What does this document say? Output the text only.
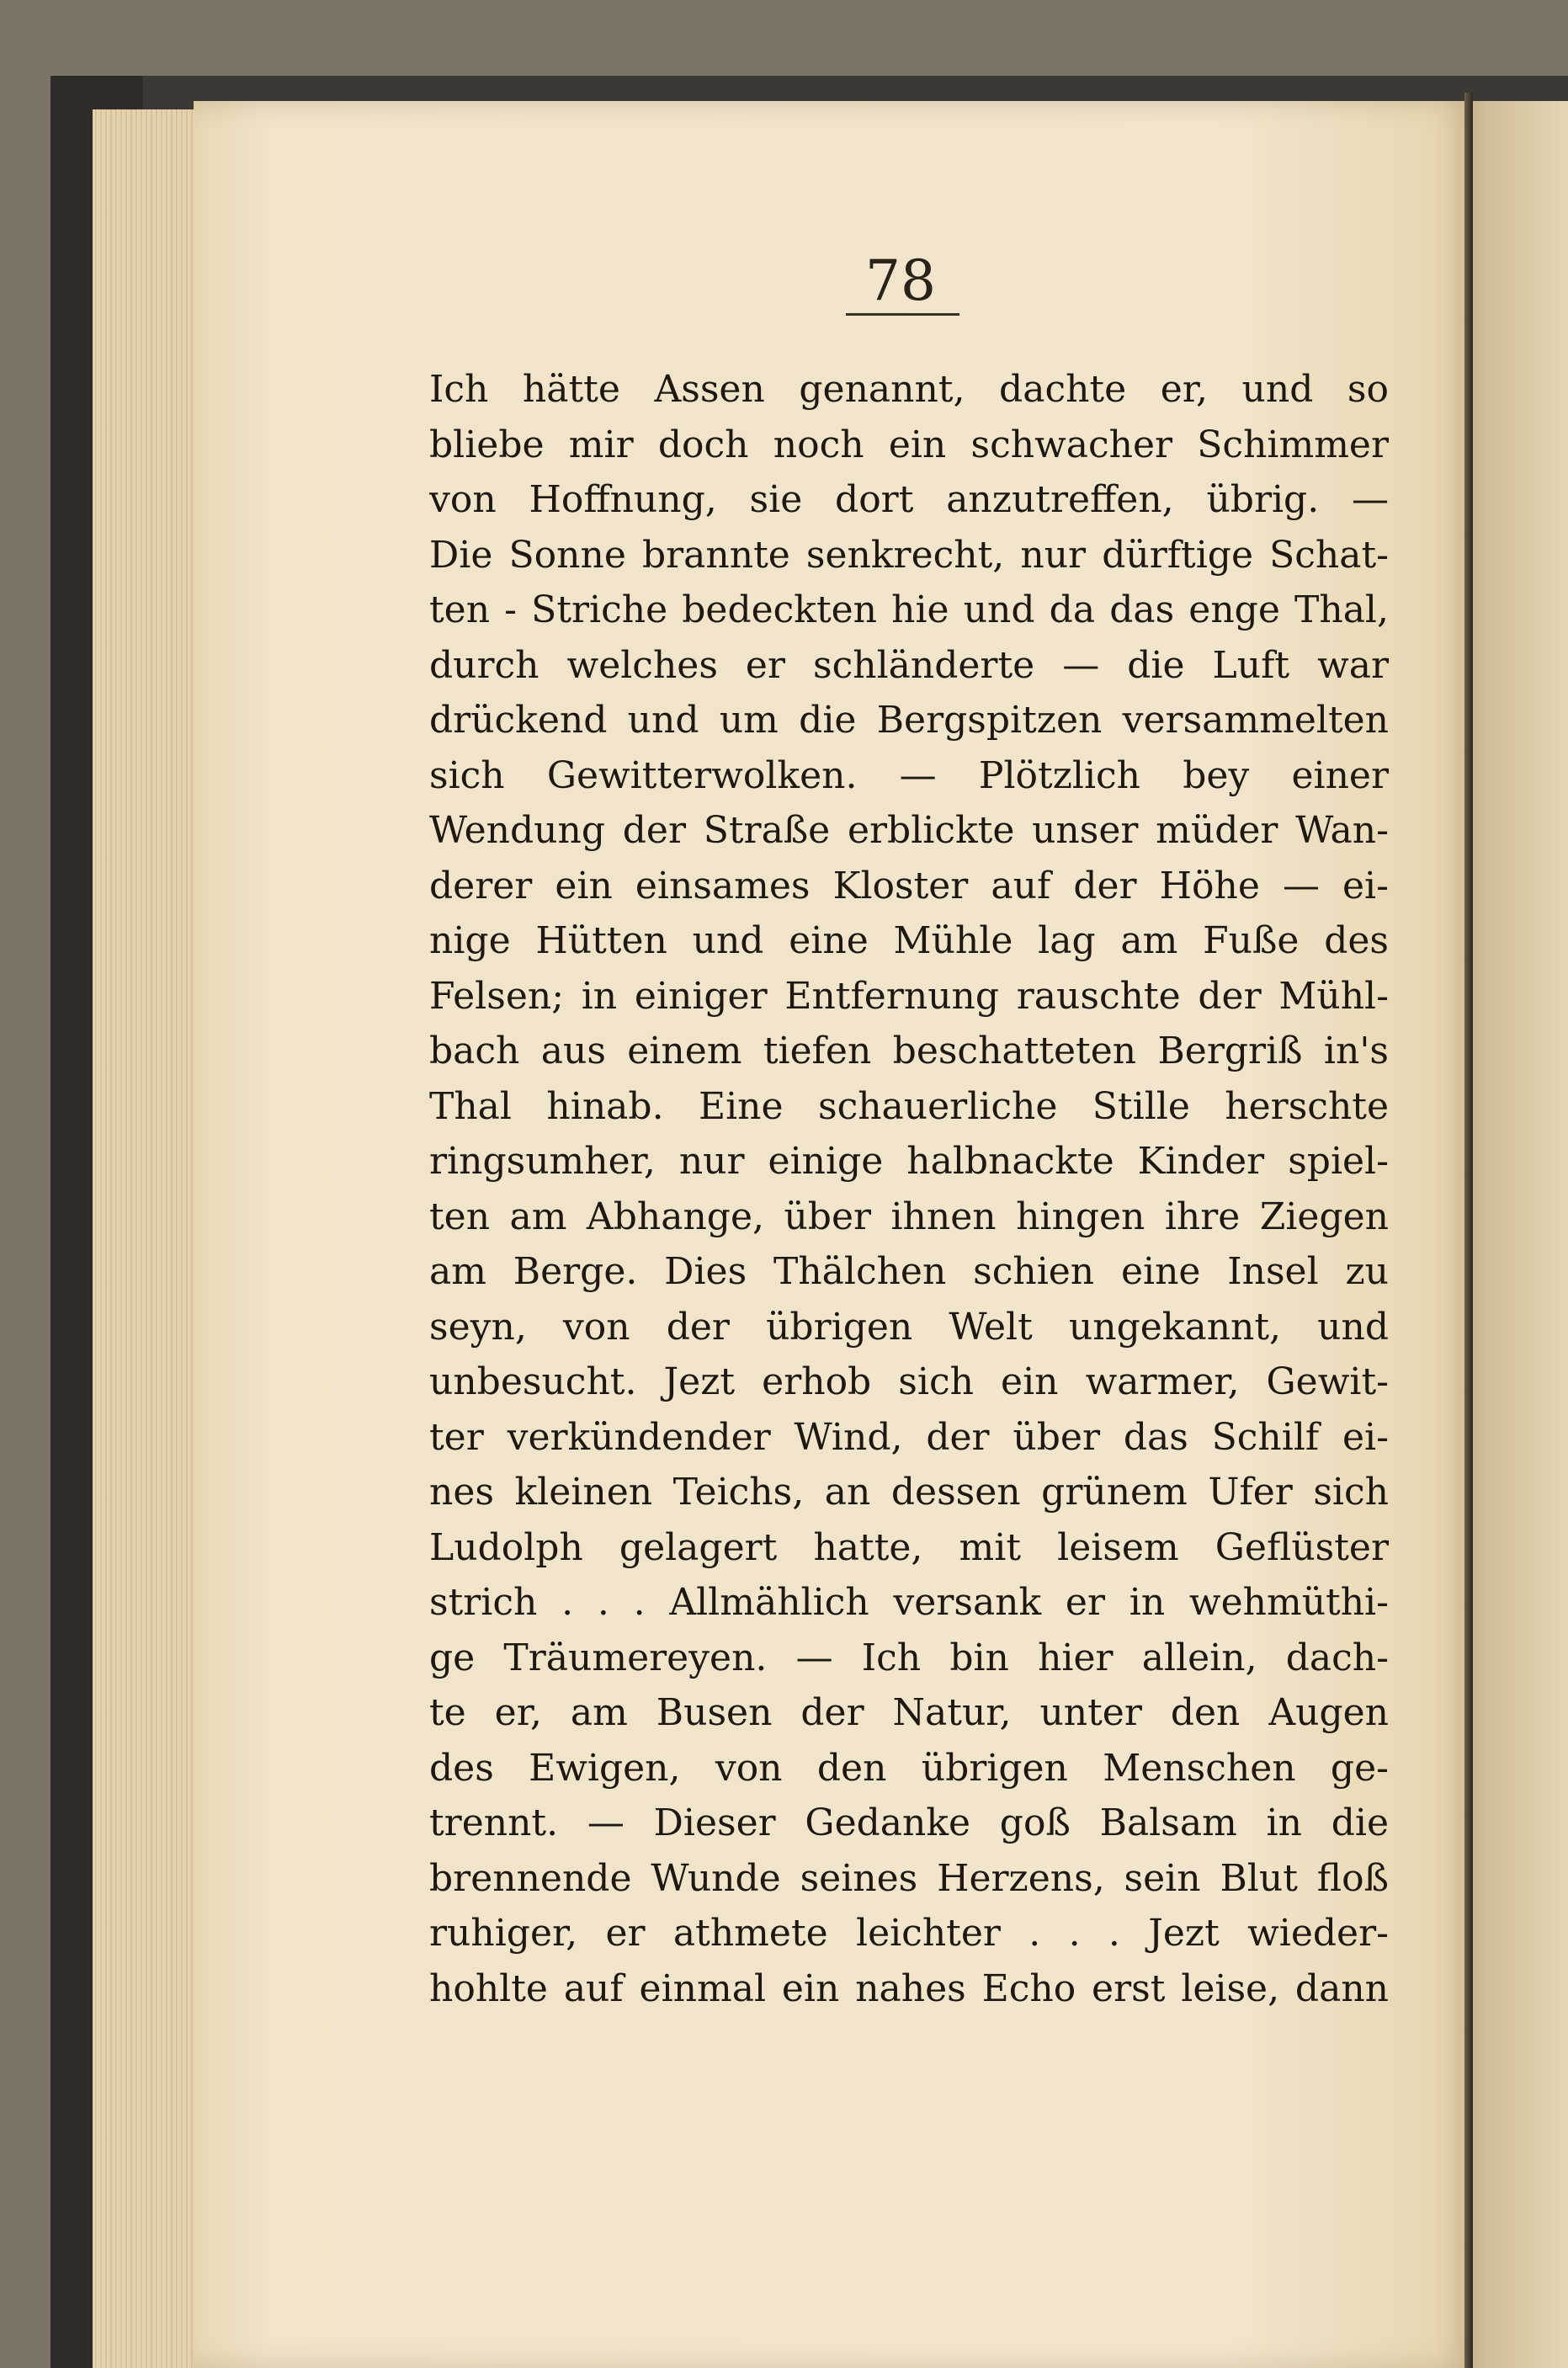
78
Ich hätte Assen genannt, dachte er, und so
bliebe mir doch noch ein schwacher Schimmer
von Hoffnung, sie dort anzutreffen, übrig. —
Die Sonne brannte senkrecht, nur dürftige Schat-
ten - Striche bedeckten hie und da das enge Thal,
durch welches er schländerte — die Luft war
drückend und um die Bergspitzen versammelten
sich Gewitterwolken. — Plötzlich bey einer
Wendung der Straße erblickte unser müder Wan-
derer ein einsames Kloster auf der Höhe — ei-
nige Hütten und eine Mühle lag am Fuße des
Felsen; in einiger Entfernung rauschte der Mühl-
bach aus einem tiefen beschatteten Bergriß in's
Thal hinab. Eine schauerliche Stille herschte
ringsumher, nur einige halbnackte Kinder spiel-
ten am Abhange, über ihnen hingen ihre Ziegen
am Berge. Dies Thälchen schien eine Insel zu
seyn, von der übrigen Welt ungekannt, und
unbesucht. Jezt erhob sich ein warmer, Gewit-
ter verkündender Wind, der über das Schilf ei-
nes kleinen Teichs, an dessen grünem Ufer sich
Ludolph gelagert hatte, mit leisem Geflüster
strich . . . Allmählich versank er in wehmüthi-
ge Träumereyen. — Ich bin hier allein, dach-
te er, am Busen der Natur, unter den Augen
des Ewigen, von den übrigen Menschen ge-
trennt. — Dieser Gedanke goß Balsam in die
brennende Wunde seines Herzens, sein Blut floß
ruhiger, er athmete leichter . . . Jezt wieder-
hohlte auf einmal ein nahes Echo erst leise, dann
